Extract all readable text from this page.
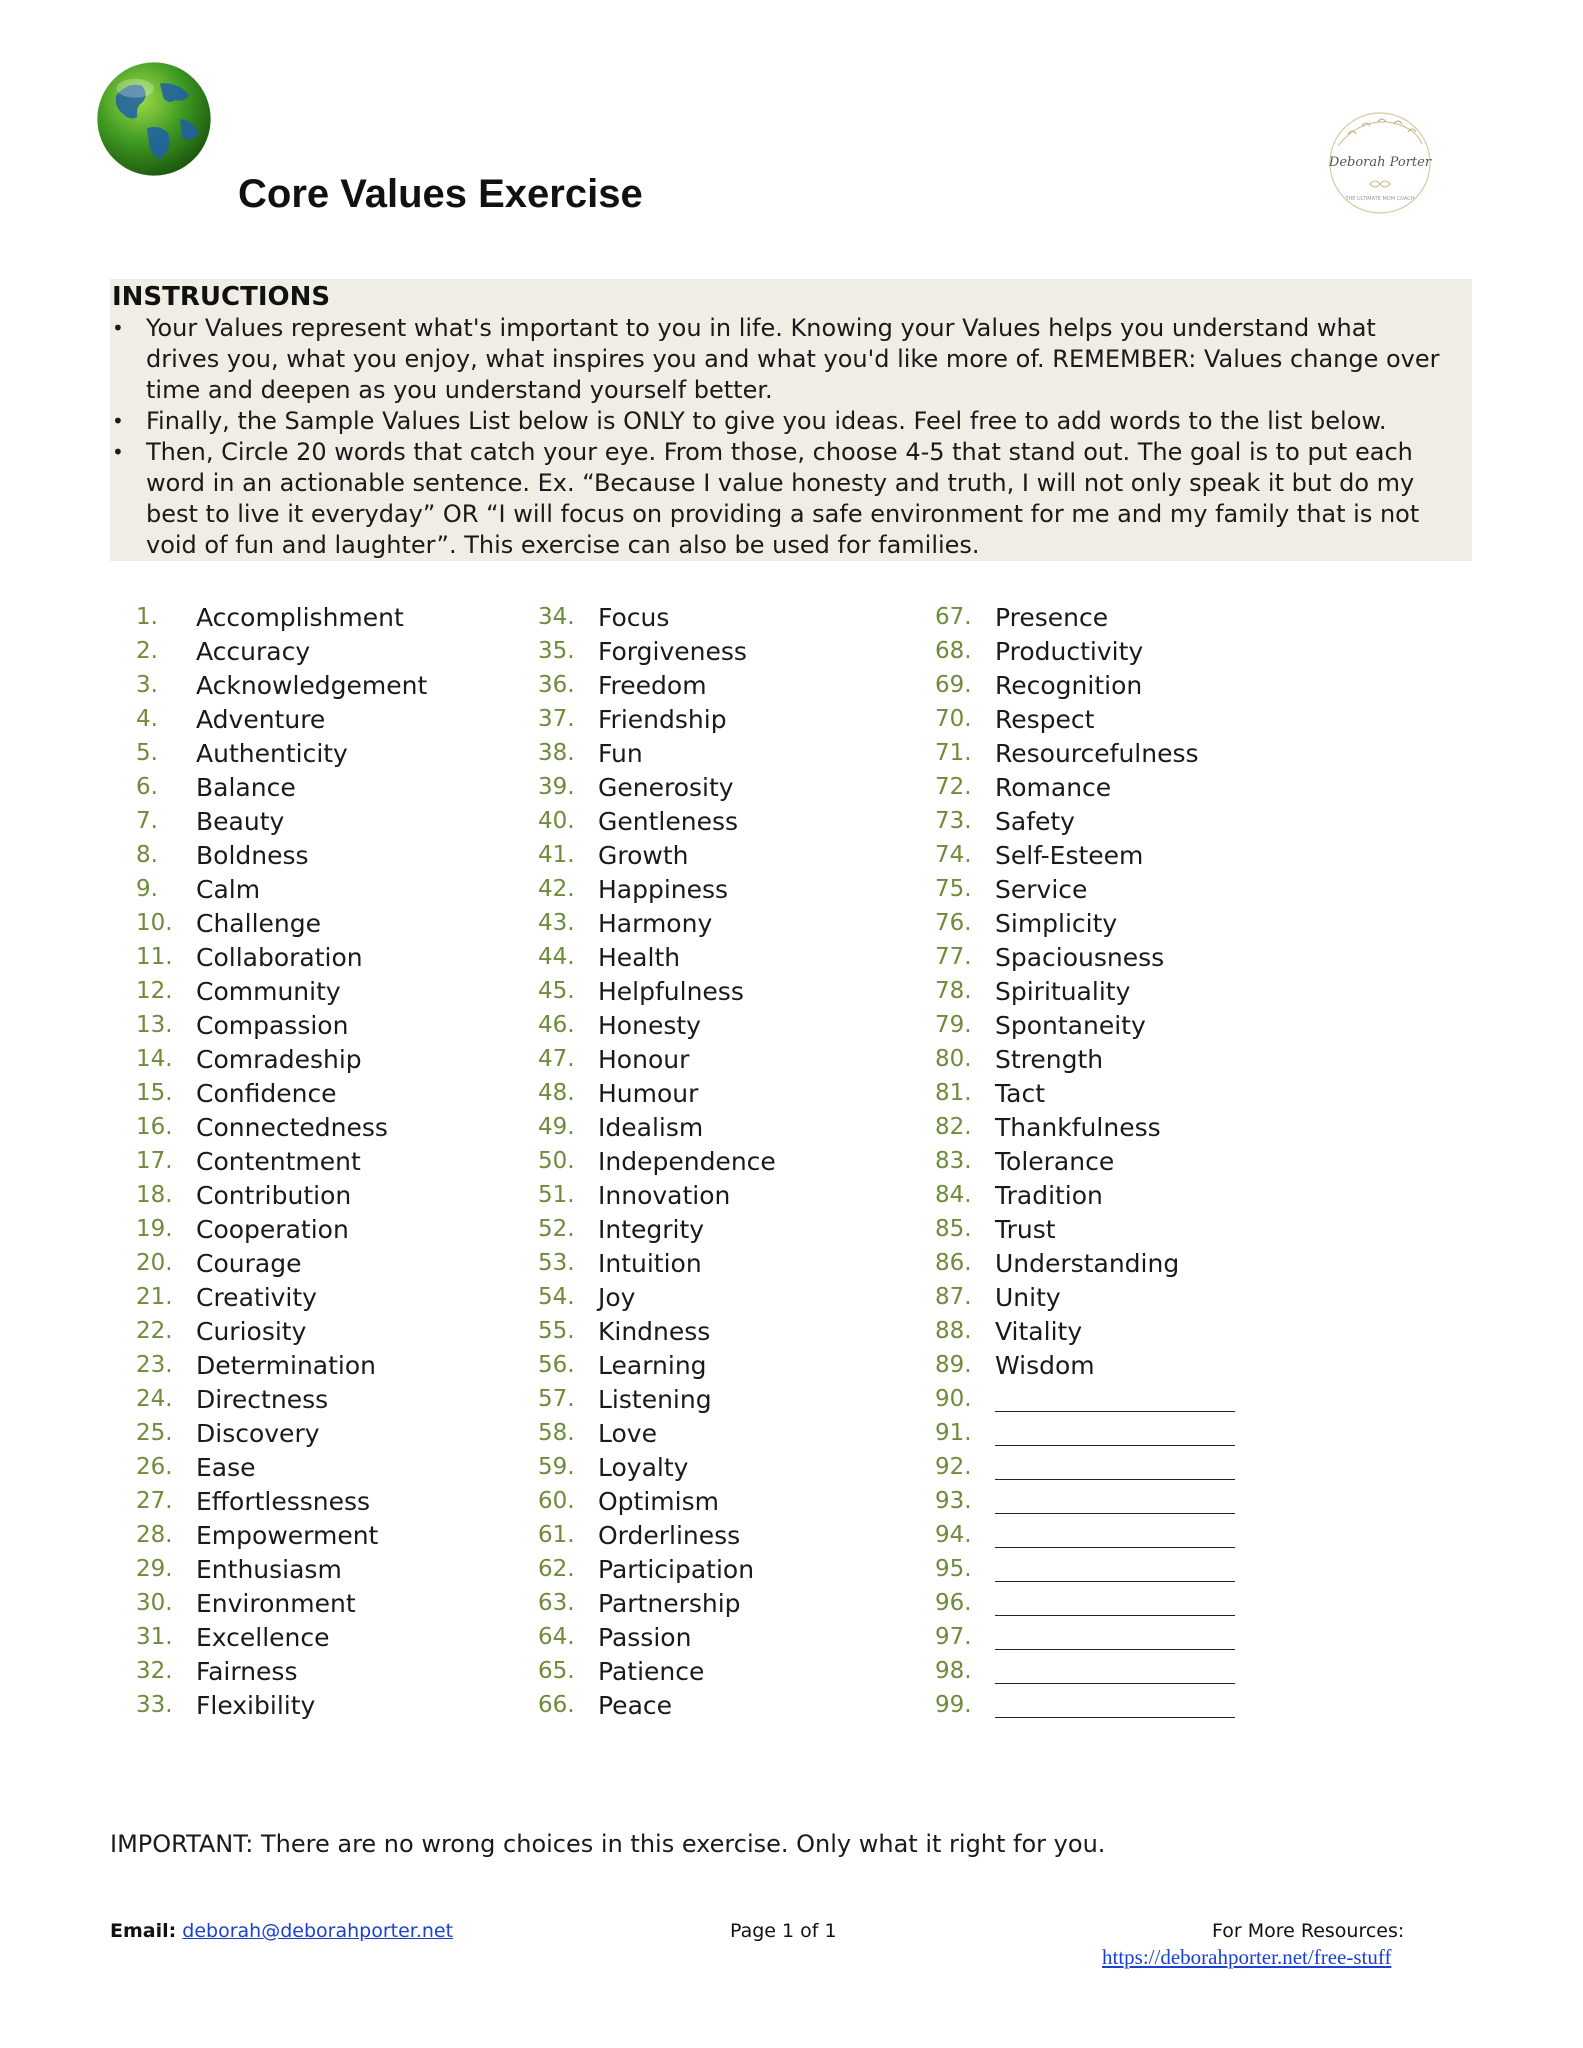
Core Values Exercise
Deborah Porter
THE ULTIMATE MOM COACH

INSTRUCTIONS

• Your Values represent what's important to you in life. Knowing your Values helps you understand what drives you, what you enjoy, what inspires you and what you'd like more of. REMEMBER: Values change over time and deepen as you understand yourself better.
• Finally, the Sample Values List below is ONLY to give you ideas. Feel free to add words to the list below.
• Then, Circle 20 words that catch your eye. From those, choose 4-5 that stand out. The goal is to put each word in an actionable sentence. Ex. “Because I value honesty and truth, I will not only speak it but do my best to live it everyday” OR “I will focus on providing a safe environment for me and my family that is not void of fun and laughter”. This exercise can also be used for families.
1.	Accomplishment
2.	Accuracy
3.	Acknowledgement
4.	Adventure
5.	Authenticity
6.	Balance
7.	Beauty
8.	Boldness
9.	Calm
10. Challenge
11. Collaboration
12. Community
13. Compassion
14. Comradeship
15. Confidence
16. Connectedness
17. Contentment
18. Contribution
19. Cooperation
20. Courage
21. Creativity
22. Curiosity
23. Determination
24. Directness
25. Discovery
26. Ease
27. Effortlessness
28. Empowerment
29. Enthusiasm
30. Environment
31. Excellence
32. Fairness
33. Flexibility
34. Focus
35. Forgiveness
36. Freedom
37. Friendship
38. Fun
39. Generosity
40. Gentleness
41. Growth
42. Happiness
43. Harmony
44. Health
45. Helpfulness
46. Honesty
47. Honour
48. Humour
49. Idealism
50. Independence
51. Innovation
52. Integrity
53. Intuition
54. Joy
55. Kindness
56. Learning
57. Listening
58. Love
59. Loyalty
60. Optimism
61. Orderliness
62. Participation
63. Partnership
64. Passion
65. Patience
66. Peace
67. Presence
68. Productivity
69. Recognition
70. Respect
71. Resourcefulness
72. Romance
73. Safety
74. Self-Esteem
75. Service
76. Simplicity
77. Spaciousness
78. Spirituality
79. Spontaneity
80. Strength
81. Tact
82. Thankfulness
83. Tolerance
84. Tradition
85. Trust
86. Understanding
87. Unity
88. Vitality
89. Wisdom
90.
91.
92.
93.
94.
95.
96.
97.
98.
99.

IMPORTANT: There are no wrong choices in this exercise. Only what it right for you.

Email: deborah@deborahporter.net	Page 1 of 1	For More Resources:
https://deborahporter.net/free-stuff
